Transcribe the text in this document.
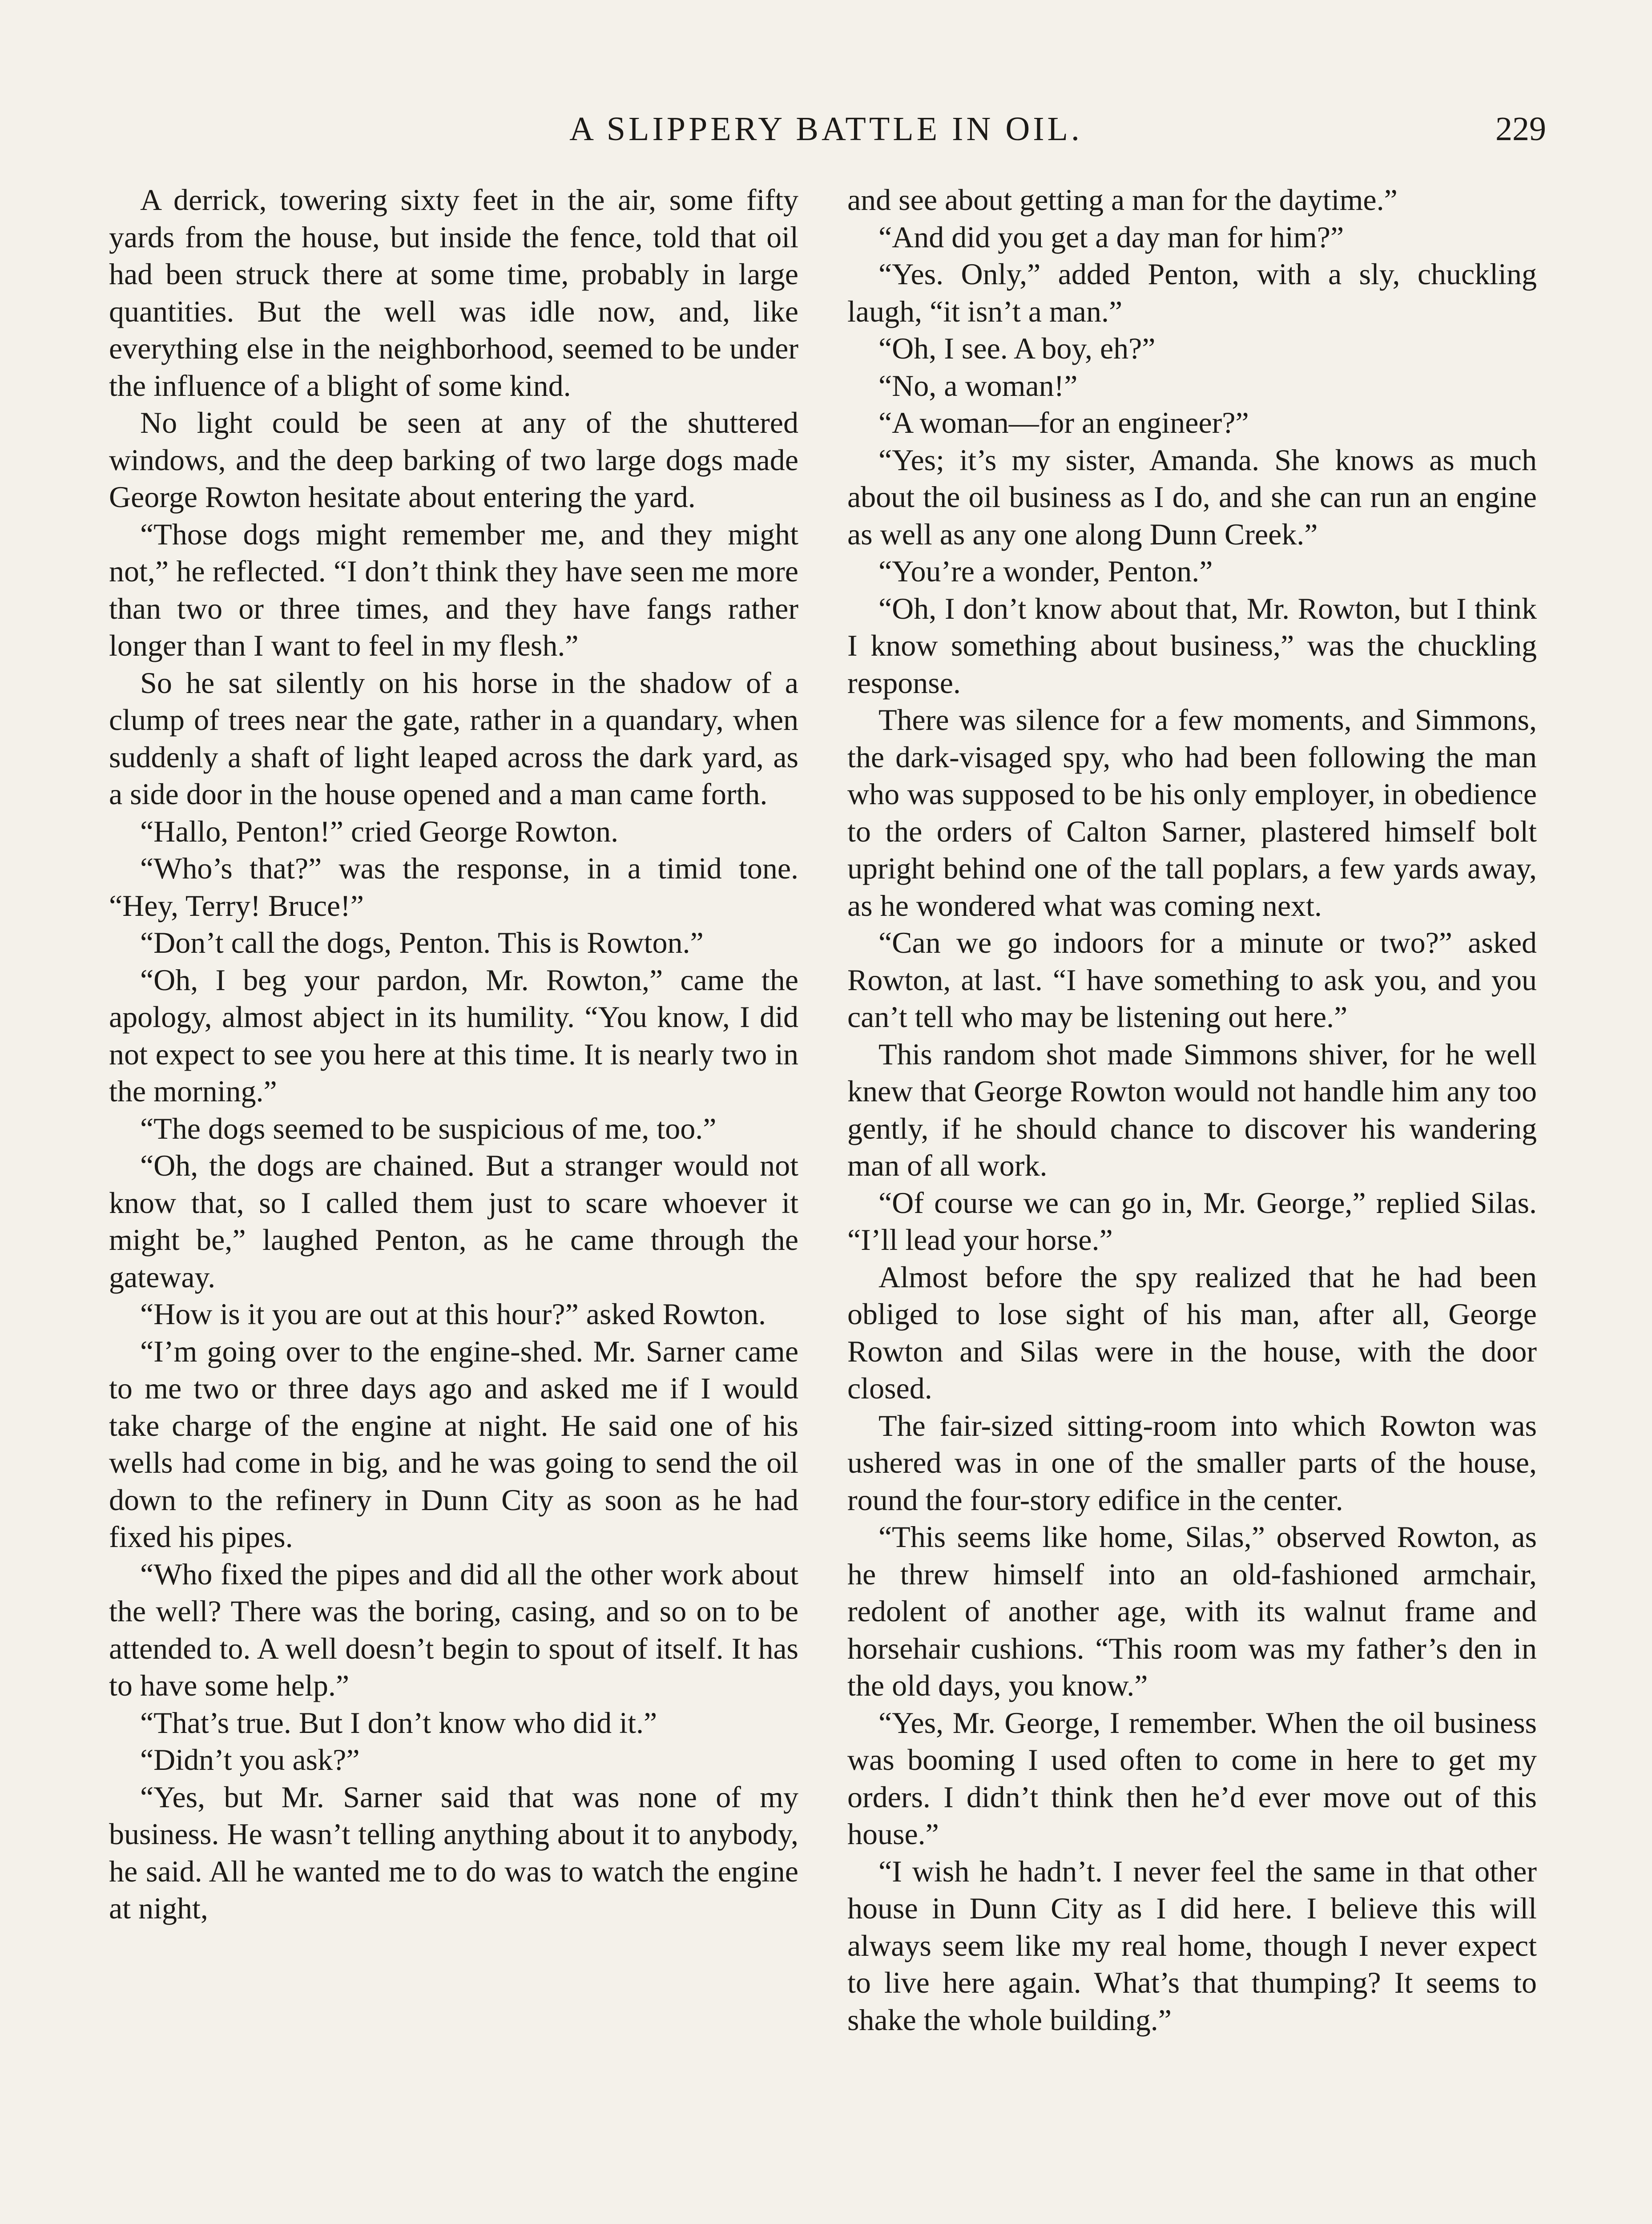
A SLIPPERY BATTLE IN OIL.	229

A derrick, towering sixty feet in the air, some fifty yards from the house, but inside the fence, told that oil had been struck there at some time, probably in large quantities. But the well was idle now, and, like everything else in the neighborhood, seemed to be under the influence of a blight of some kind.

No light could be seen at any of the shuttered windows, and the deep barking of two large dogs made George Rowton hesitate about entering the yard.

“Those dogs might remember me, and they might not,” he reflected. “I don’t think they have seen me more than two or three times, and they have fangs rather longer than I want to feel in my flesh.”

So he sat silently on his horse in the shadow of a clump of trees near the gate, rather in a quandary, when suddenly a shaft of light leaped across the dark yard, as a side door in the house opened and a man came forth.

“Hallo, Penton!” cried George Rowton.

“Who’s that?” was the response, in a timid tone. “Hey, Terry! Bruce!”

“Don’t call the dogs, Penton. This is Rowton.”

“Oh, I beg your pardon, Mr. Rowton,” came the apology, almost abject in its humility. “You know, I did not expect to see you here at this time. It is nearly two in the morning.”

“The dogs seemed to be suspicious of me, too.”

“Oh, the dogs are chained. But a stranger would not know that, so I called them just to scare whoever it might be,” laughed Penton, as he came through the gateway.

“How is it you are out at this hour?” asked Rowton.

“I’m going over to the engine-shed. Mr. Sarner came to me two or three days ago and asked me if I would take charge of the engine at night. He said one of his wells had come in big, and he was going to send the oil down to the refinery in Dunn City as soon as he had fixed his pipes.

“Who fixed the pipes and did all the other work about the well? There was the boring, casing, and so on to be attended to. A well doesn’t begin to spout of itself. It has to have some help.”

“That’s true. But I don’t know who did it.”

“Didn’t you ask?”

“Yes, but Mr. Sarner said that was none of my business. He wasn’t telling anything about it to anybody, he said. All he wanted me to do was to watch the engine at night,

and see about getting a man for the daytime.”

“And did you get a day man for him?”

“Yes. Only,” added Penton, with a sly, chuckling laugh, “it isn’t a man.”

“Oh, I see. A boy, eh?”

“No, a woman!”

“A woman—for an engineer?”

“Yes; it’s my sister, Amanda. She knows as much about the oil business as I do, and she can run an engine as well as any one along Dunn Creek.”

“You’re a wonder, Penton.”

“Oh, I don’t know about that, Mr. Rowton, but I think I know something about business,” was the chuckling response.

There was silence for a few moments, and Simmons, the dark-visaged spy, who had been following the man who was supposed to be his only employer, in obedience to the orders of Calton Sarner, plastered himself bolt upright behind one of the tall poplars, a few yards away, as he wondered what was coming next.

“Can we go indoors for a minute or two?” asked Rowton, at last. “I have something to ask you, and you can’t tell who may be listening out here.”

This random shot made Simmons shiver, for he well knew that George Rowton would not handle him any too gently, if he should chance to discover his wandering man of all work.

“Of course we can go in, Mr. George,” replied Silas. “I’ll lead your horse.”

Almost before the spy realized that he had been obliged to lose sight of his man, after all, George Rowton and Silas were in the house, with the door closed.

The fair-sized sitting-room into which Rowton was ushered was in one of the smaller parts of the house, round the four-story edifice in the center.

“This seems like home, Silas,” observed Rowton, as he threw himself into an old-fashioned armchair, redolent of another age, with its walnut frame and horsehair cushions. “This room was my father’s den in the old days, you know.”

“Yes, Mr. George, I remember. When the oil business was booming I used often to come in here to get my orders. I didn’t think then he’d ever move out of this house.”

“I wish he hadn’t. I never feel the same in that other house in Dunn City as I did here. I believe this will always seem like my real home, though I never expect to live here again. What’s that thumping? It seems to shake the whole building.”
